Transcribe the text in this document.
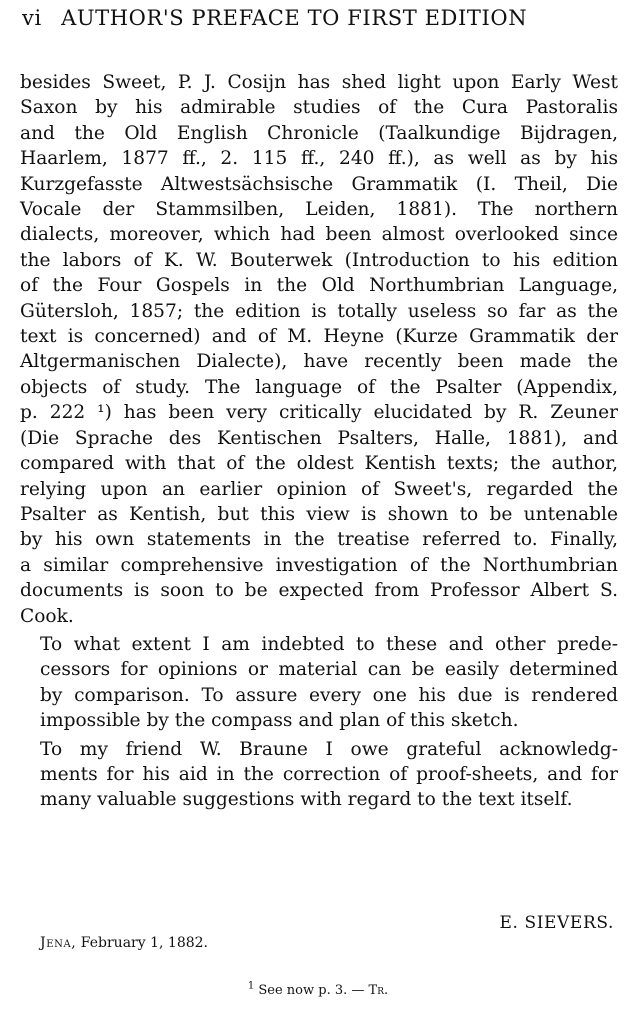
vi AUTHOR'S PREFACE TO FIRST EDITION

besides Sweet, P. J. Cosijn has shed light upon Early West
Saxon by his admirable studies of the Cura Pastoralis
and the Old English Chronicle (Taalkundige Bijdragen,
Haarlem, 1877 ff., 2. 115 ff., 240 ff.), as well as by his
Kurzgefasste Altwestsächsische Grammatik (I. Theil, Die
Vocale der Stammsilben, Leiden, 1881). The northern
dialects, moreover, which had been almost overlooked since
the labors of K. W. Bouterwek (Introduction to his edition
of the Four Gospels in the Old Northumbrian Language,
Gütersloh, 1857; the edition is totally useless so far as the
text is concerned) and of M. Heyne (Kurze Grammatik der
Altgermanischen Dialecte), have recently been made the
objects of study. The language of the Psalter (Appendix,
p. 222 ¹) has been very critically elucidated by R. Zeuner
(Die Sprache des Kentischen Psalters, Halle, 1881), and
compared with that of the oldest Kentish texts; the author,
relying upon an earlier opinion of Sweet's, regarded the
Psalter as Kentish, but this view is shown to be untenable
by his own statements in the treatise referred to. Finally,
a similar comprehensive investigation of the Northumbrian
documents is soon to be expected from Professor Albert S.
Cook.

To what extent I am indebted to these and other prede-
cessors for opinions or material can be easily determined
by comparison. To assure every one his due is rendered
impossible by the compass and plan of this sketch.

To my friend W. Braune I owe grateful acknowledg-
ments for his aid in the correction of proof-sheets, and for
many valuable suggestions with regard to the text itself.

E. SIEVERS.
Jena, February 1, 1882.
$^1$ See now p. 3. — Tr.
